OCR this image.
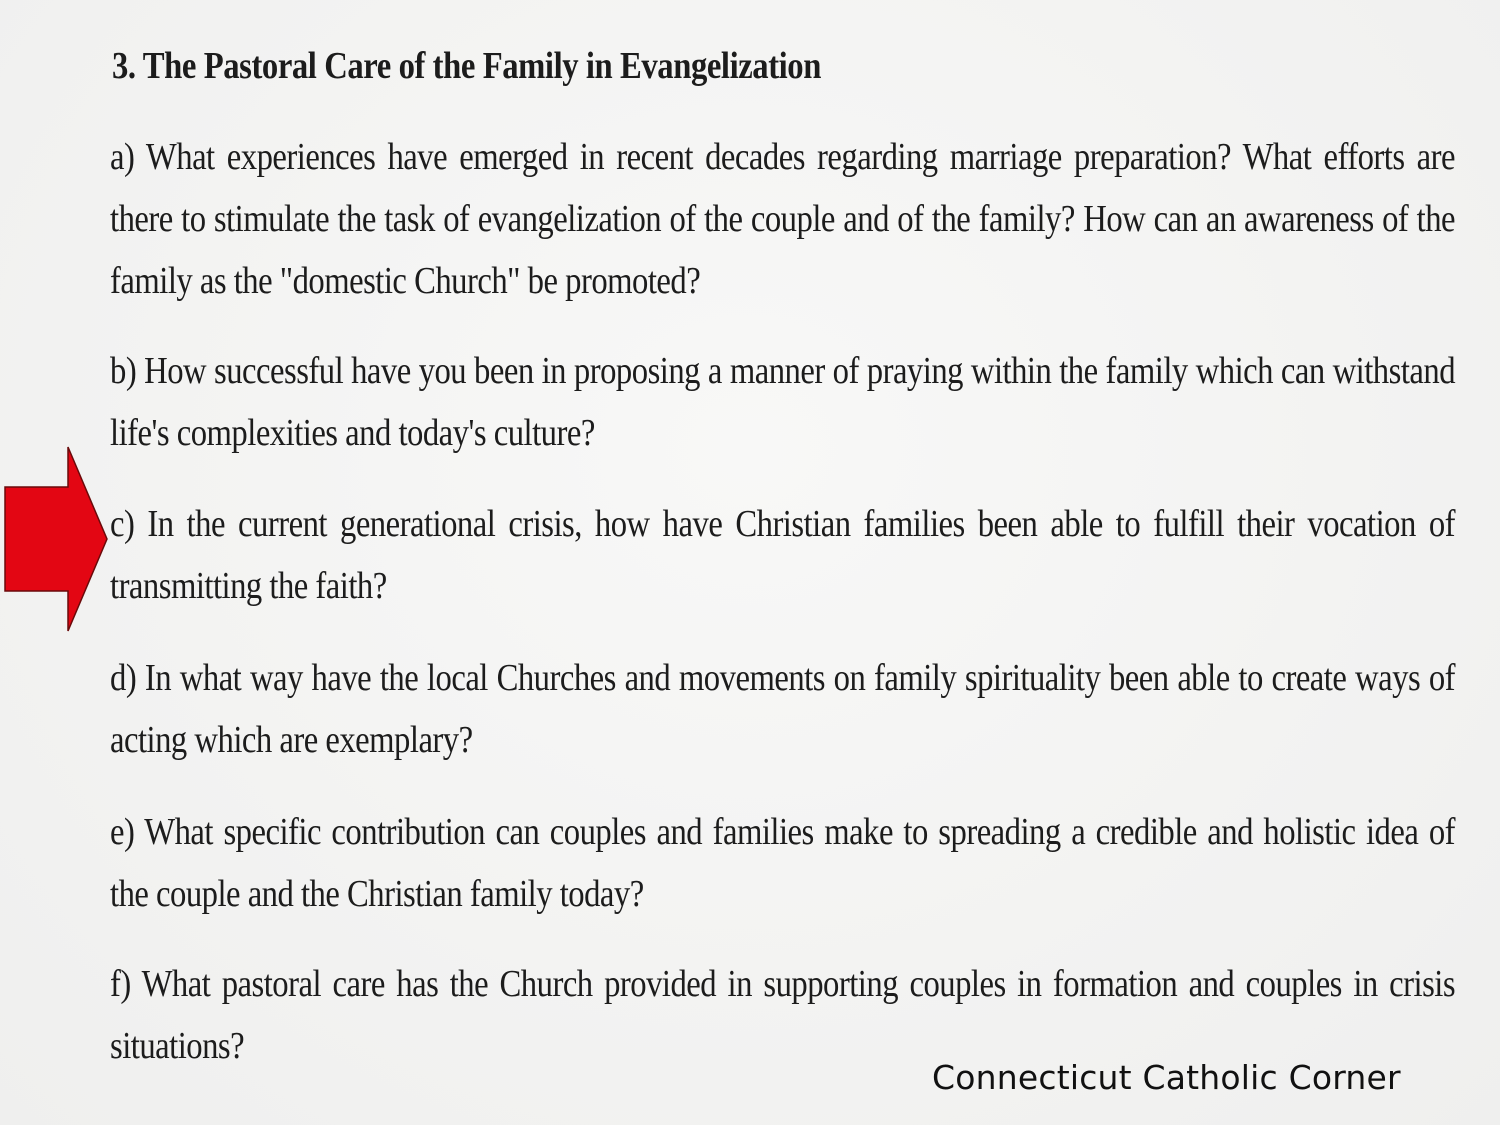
3. The Pastoral Care of the Family in Evangelization
a) What experiences have emerged in recent decades regarding marriage preparation? What efforts are there to stimulate the task of evangelization of the couple and of the family? How can an awareness of the family as the "domestic Church" be promoted?
b) How successful have you been in proposing a manner of praying within the family which can withstand life's complexities and today's culture?
c) In the current generational crisis, how have Christian families been able to fulfill their vocation of transmitting the faith?
d) In what way have the local Churches and movements on family spirituality been able to create ways of acting which are exemplary?
e) What specific contribution can couples and families make to spreading a credible and holistic idea of the couple and the Christian family today?
f) What pastoral care has the Church provided in supporting couples in formation and couples in crisis situations?
Connecticut Catholic Corner
